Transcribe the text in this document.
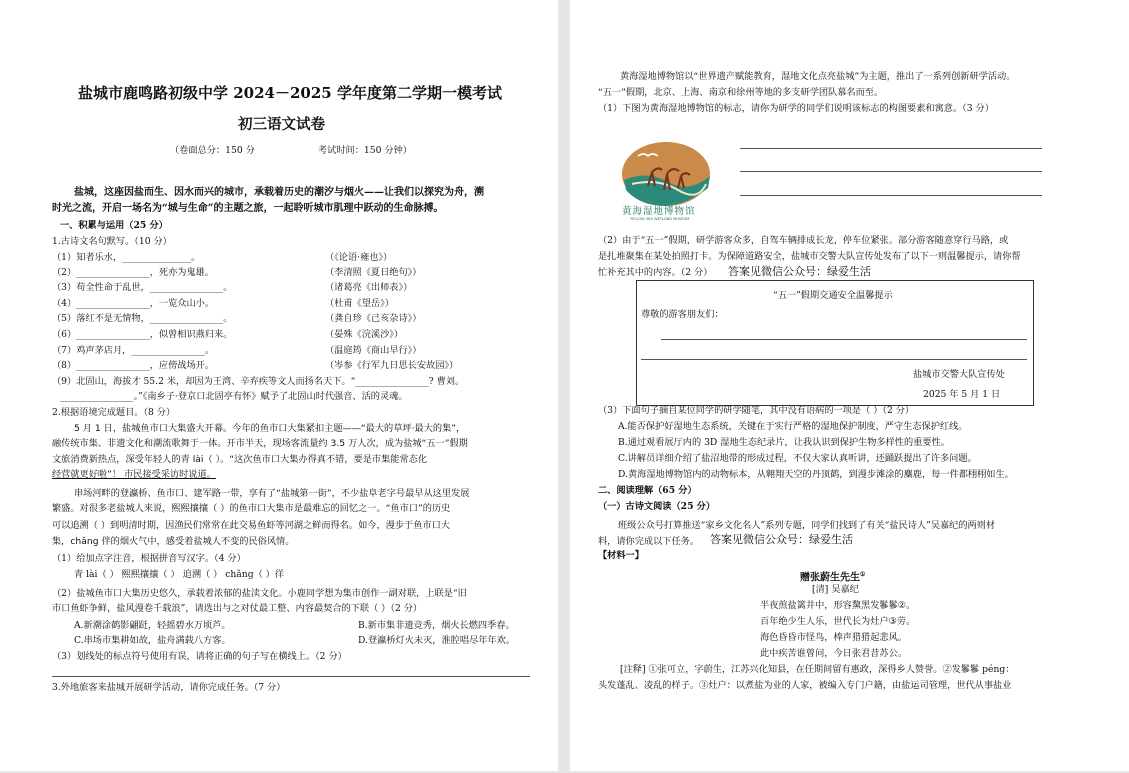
盐城市鹿鸣路初级中学 2024－2025 学年度第二学期一模考试
初三语文试卷
（卷面总分：150 分	考试时间：150 分钟）
盐城，这座因盐而生、因水而兴的城市，承载着历史的潮汐与烟火——让我们以探究为舟，溯
时光之流，开启一场名为“城与生命”的主题之旅，一起聆听城市肌理中跃动的生命脉搏。
一、积累与运用（25 分）
1.古诗文名句默写。（10 分）
（1）知者乐水，_______________。	（《论语·雍也》）
（2）________________，死亦为鬼雄。	（李清照《夏日绝句》）
（3）苟全性命于乱世，________________。	（诸葛亮《出师表》）
（4）________________，一览众山小。	（杜甫《望岳》）
（5）落红不是无情物，________________。	（龚自珍《己亥杂诗》）
（6）________________，似曾相识燕归来。	（晏殊《浣溪沙》）
（7）鸡声茅店月，________________。	（温庭筠《商山早行》）
（8）________________，应傍战场开。	（岑参《行军九日思长安故园》）
（9）北固山，海拔才 55.2 米，却因为王湾、辛弃疾等文人而扬名天下。“________________? 曹刘。
________________。”《南乡子·登京口北固亭有怀》赋予了北固山时代强音、活的灵魂。
2.根据语境完成题目。（8 分）
5 月 1 日，盐城鱼市口大集盛大开幕。今年的鱼市口大集紧扣主题——“最大的草坪·最大的集”，
融传统市集、非遗文化和潮流歌舞于一体。开市半天，现场客流量约 3.5 万人次，成为盐城“五一”假期
文旅消费新热点，深受年轻人的青 lài（ ）。“这次鱼市口大集办得真不错，要是市集能常态化
经营就更好啦”！ 市民接受采访时说道。
串场河畔的登瀛桥、鱼市口、建军路一带，享有了“盐城第一街”，不少盐阜老字号最早从这里发展
繁盛。对很多老盐城人来说，熙熙攘攘（ ）的鱼市口大集市是最难忘的回忆之一。“鱼市口”的历史
可以追溯（ ）到明清时期，因渔民们常常在此交易鱼虾等河湖之鲜而得名。如今，漫步于鱼市口大
集，chǎng 伴的烟火气中，感受着盐城人不变的民俗风情。
（1）给加点字注音，根据拼音写汉字。（4 分）
青 lài（ ） 熙熙攘攘（ ） 追溯（ ） chǎng（ ）徉
（2）盐城鱼市口大集历史悠久，承载着浓郁的盐渎文化。小鹿同学想为集市创作一副对联，上联是“旧
市口鱼虾争鲜，盐风漫卷千载浪”，请选出与之对仗最工整、内容最契合的下联（ ）（2 分）
A.新潮涂鹤影翩跹，轻摇碧水万顷芦。	B.新市集非遗竞秀，烟火长燃四季春。
C.串场市集耕如故，盐舟满载八方客。	D.登瀛桥灯火未灭，淮腔唱尽年年欢。
（3）划线处的标点符号使用有误，请将正确的句子写在横线上。（2 分）
3.外地旅客来盐城开展研学活动，请你完成任务。（7 分）
黄海湿地博物馆以“世界遗产赋能教育，湿地文化点亮盐城”为主题，推出了一系列创新研学活动。
“五一”假期，北京、上海、南京和徐州等地的多支研学团队慕名而至。
（1）下图为黄海湿地博物馆的标志，请你为研学的同学们说明该标志的构图要素和寓意。（3 分）
黄海湿地博物馆
YELLOW SEA WETLAND MUSEUM
（2）由于“五一”假期，研学游客众多，自驾车辆排成长龙，停车位紧张。部分游客随意穿行马路，或
是扎堆聚集在某处拍照打卡。为保障道路安全，盐城市交警大队宣传处发布了以下一则温馨提示，请你帮
忙补充其中的内容。（2 分） 答案见微信公众号：绿爱生活
“五一”假期交通安全温馨提示
尊敬的游客朋友们：
盐城市交警大队宣传处
2025 年 5 月 1 日
（3）下面句子摘自某位同学的研学随笔，其中没有语病的一项是（ ）（2 分）
A.能否保护好湿地生态系统，关键在于实行严格的湿地保护制度，严守生态保护红线。
B.通过观看展厅内的 3D 湿地生态纪录片，让我认识到保护生物多样性的重要性。
C.讲解员详细介绍了盐沼地带的形成过程，不仅大家认真听讲，还踊跃提出了许多问题。
D.黄海湿地博物馆内的动物标本，从翱翔天空的丹顶鹤，到漫步滩涂的麋鹿，每一件都栩栩如生。
二、阅读理解（65 分）
（一）古诗文阅读（25 分）
班级公众号打算推送“家乡文化名人”系列专题，同学们找到了有关“盐民诗人”吴嘉纪的两则材
料，请你完成以下任务。 答案见微信公众号：绿爱生活
【材料一】
赠张蔚生先生①
[清] 吴嘉纪
半夜煎盐篱井中，形容黧黑发鬖鬖②。
百年绝少生人乐，世代长为灶户③劳。
海色昏昏市怪鸟，棒声猎猎起悲风。
此中疾苦谁曾问，今日张君昔苏公。
[注释] ①张可立，字蔚生，江苏兴化知县，在任期间留有惠政，深得乡人赞誉。②发鬖鬖 péng：
头发蓬乱、凌乱的样子。③灶户：以煮盐为业的人家，被编入专门户籍，由盐运司管理，世代从事盐业
